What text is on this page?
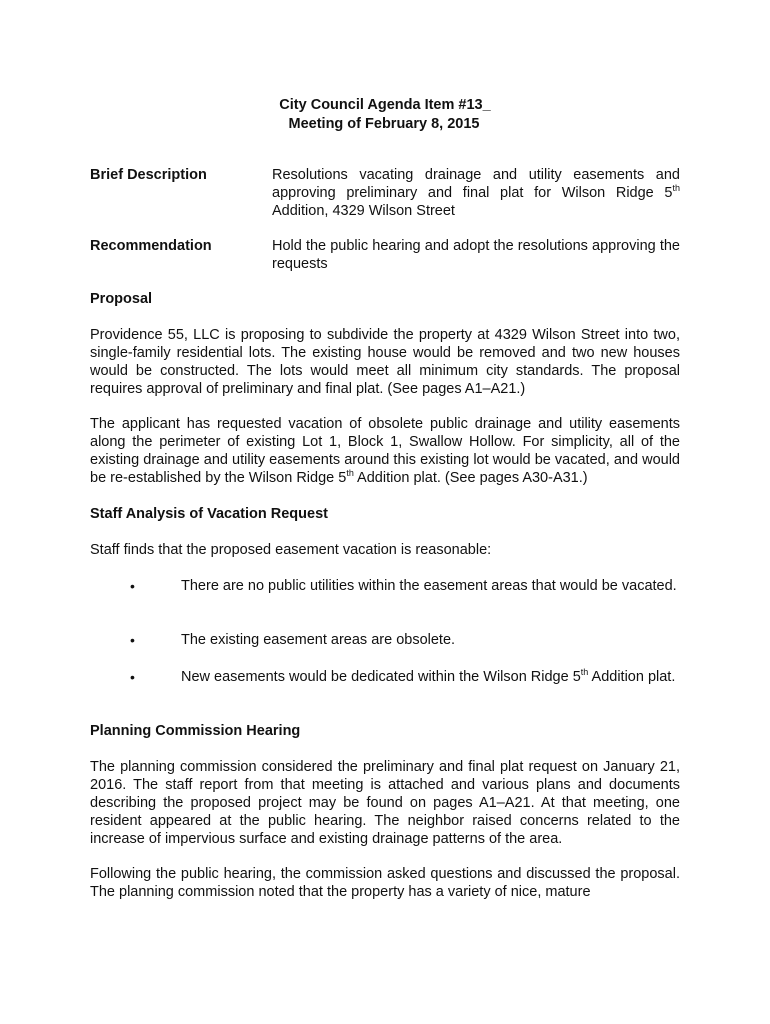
City Council Agenda Item #13_
Meeting of February 8, 2015
Brief Description	Resolutions vacating drainage and utility easements and approving preliminary and final plat for Wilson Ridge 5th Addition, 4329 Wilson Street
Recommendation	Hold the public hearing and adopt the resolutions approving the requests
Proposal
Providence 55, LLC is proposing to subdivide the property at 4329 Wilson Street into two, single-family residential lots. The existing house would be removed and two new houses would be constructed. The lots would meet all minimum city standards. The proposal requires approval of preliminary and final plat. (See pages A1–A21.)
The applicant has requested vacation of obsolete public drainage and utility easements along the perimeter of existing Lot 1, Block 1, Swallow Hollow. For simplicity, all of the existing drainage and utility easements around this existing lot would be vacated, and would be re-established by the Wilson Ridge 5th Addition plat. (See pages A30-A31.)
Staff Analysis of Vacation Request
Staff finds that the proposed easement vacation is reasonable:
•	There are no public utilities within the easement areas that would be vacated.
•	The existing easement areas are obsolete.
•	New easements would be dedicated within the Wilson Ridge 5th Addition plat.
Planning Commission Hearing
The planning commission considered the preliminary and final plat request on January 21, 2016. The staff report from that meeting is attached and various plans and documents describing the proposed project may be found on pages A1–A21. At that meeting, one resident appeared at the public hearing. The neighbor raised concerns related to the increase of impervious surface and existing drainage patterns of the area.
Following the public hearing, the commission asked questions and discussed the proposal. The planning commission noted that the property has a variety of nice, mature
